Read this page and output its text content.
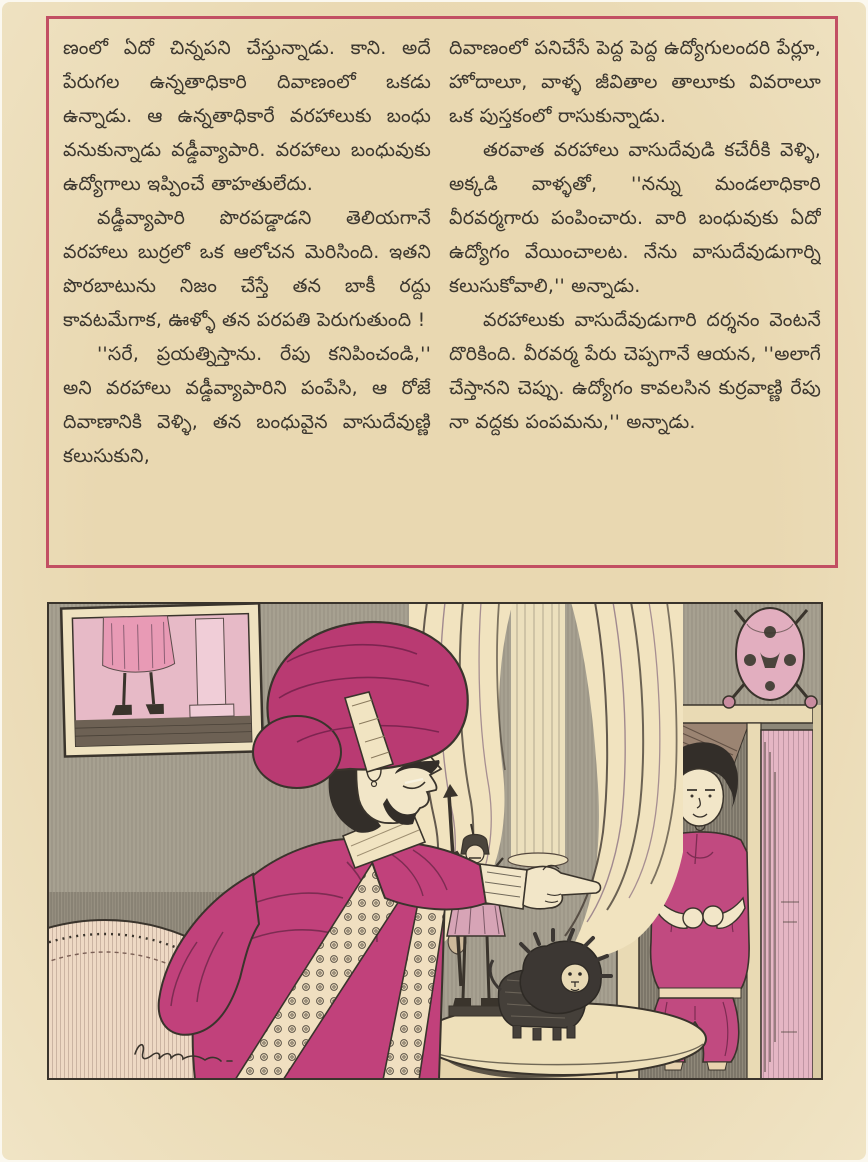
ణంలో ఏదో చిన్నపని చేస్తున్నాడు. కాని. అదే పేరుగల ఉన్నతాధికారి దివాణంలో ఒకడు ఉన్నాడు. ఆ ఉన్నతాధికారే వరహాలుకు బంధు వనుకున్నాడు వడ్డీవ్యాపారి. వరహాలు బంధువుకు ఉద్యోగాలు ఇప్పించే తాహతులేదు.

వడ్డీవ్యాపారి పొరపడ్డాడని తెలియగానే వరహాలు బుర్రలో ఒక ఆలోచన మెరిసింది. ఇతని పొరబాటును నిజం చేస్తే తన బాకీ రద్దు కావటమేగాక, ఊళ్ళో తన పరపతి పెరుగుతుంది !

''సరే, ప్రయత్నిస్తాను. రేపు కనిపించండి,'' అని వరహాలు వడ్డీవ్యాపారిని పంపేసి, ఆ రోజే దివాణానికి వెళ్ళి, తన బంధువైన వాసుదేవుణ్ణి కలుసుకుని,

దివాణంలో పనిచేసే పెద్ద పెద్ద ఉద్యోగులందరి పేర్లూ, హోదాలూ, వాళ్ళ జీవితాల తాలూకు వివరాలూ ఒక పుస్తకంలో రాసుకున్నాడు.

తరవాత వరహాలు వాసుదేవుడి కచేరీకి వెళ్ళి, అక్కడి వాళ్ళతో, ''నన్ను మండలాధికారి వీరవర్మగారు పంపించారు. వారి బంధువుకు ఏదో ఉద్యోగం వేయించాలట. నేను వాసుదేవుడుగార్ని కలుసుకోవాలి,'' అన్నాడు.

వరహాలుకు వాసుదేవుడుగారి దర్శనం వెంటనే దొరికింది. వీరవర్మ పేరు చెప్పగానే ఆయన, ''అలాగే చేస్తానని చెప్పు. ఉద్యోగం కావలసిన కుర్రవాణ్ణి రేపు నా వద్దకు పంపమను,'' అన్నాడు.
